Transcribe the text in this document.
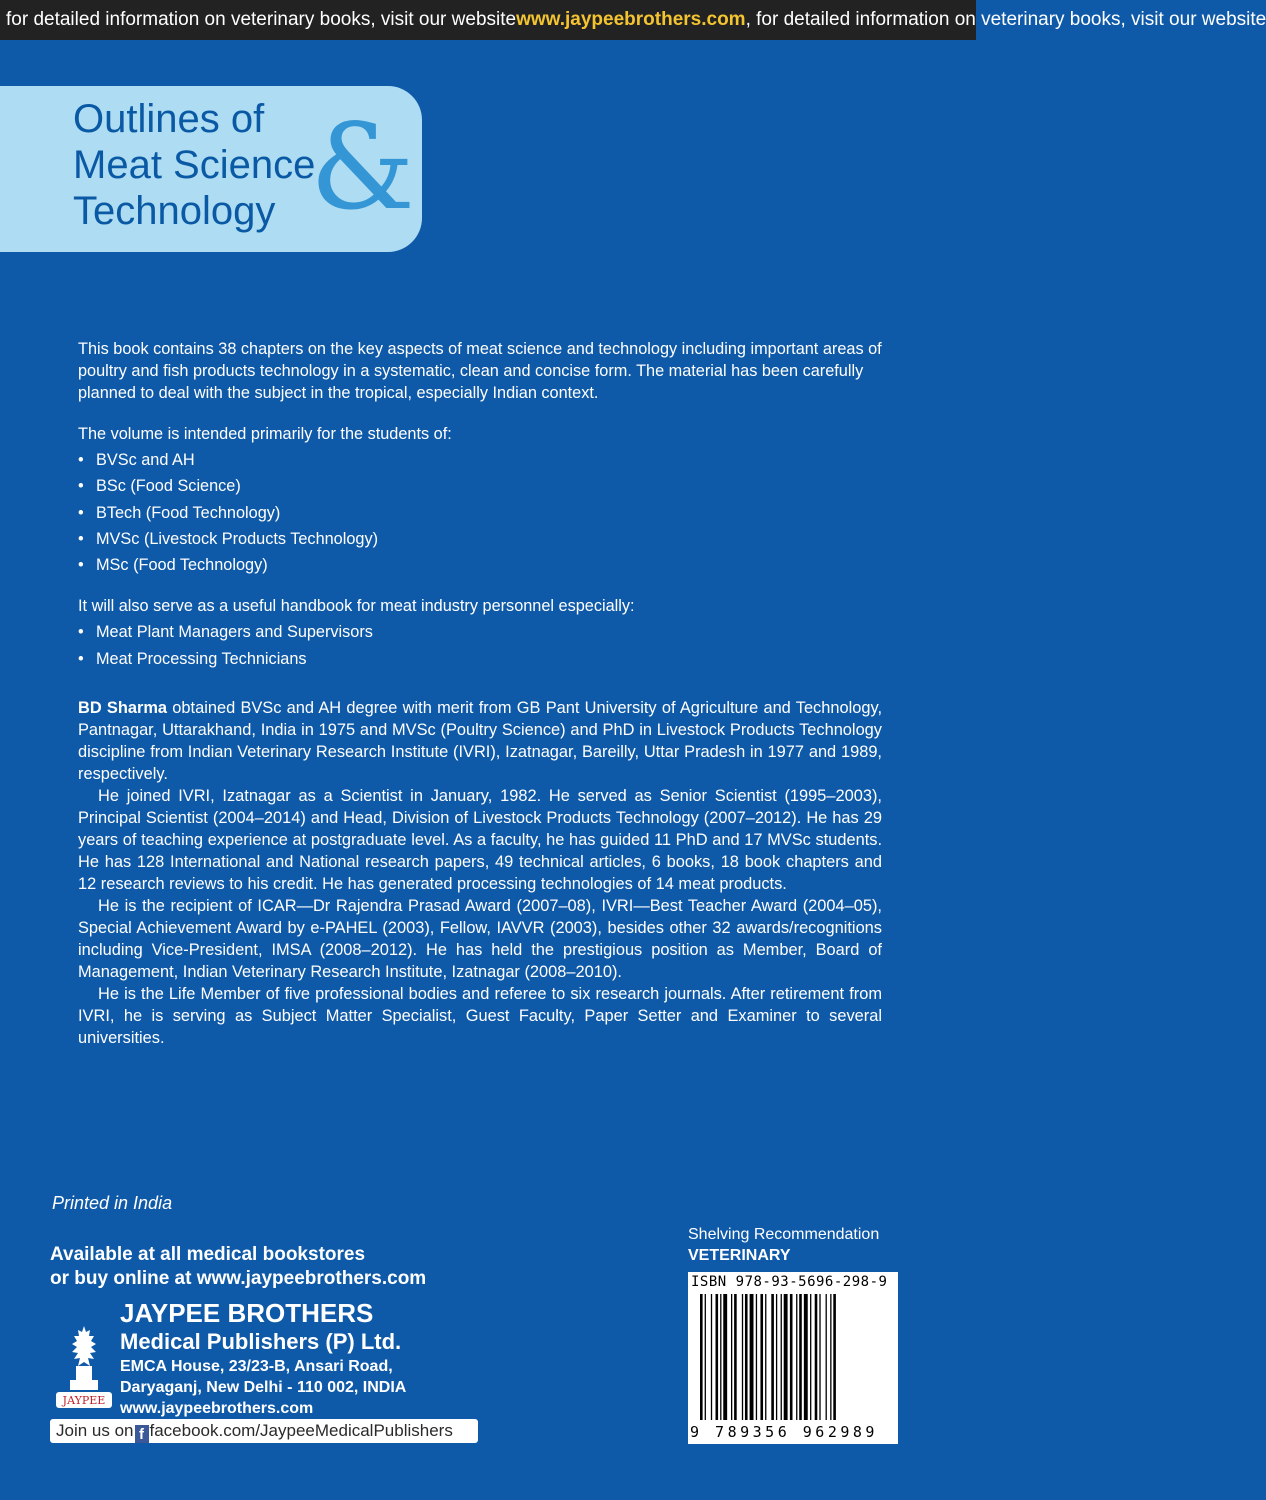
for detailed information on veterinary books, visit our websitewww.jaypeebrothers.com, for detailed information on veterinary books, visit our website
Outlines of
Meat Science
Technology &

This book contains 38 chapters on the key aspects of meat science and technology including important areas of poultry and fish products technology in a systematic, clean and concise form. The material has been carefully planned to deal with the subject in the tropical, especially Indian context.

The volume is intended primarily for the students of:
• BVSc and AH
• BSc (Food Science)
• BTech (Food Technology)
• MVSc (Livestock Products Technology)
• MSc (Food Technology)
It will also serve as a useful handbook for meat industry personnel especially:
• Meat Plant Managers and Supervisors
• Meat Processing Technicians

BD Sharma obtained BVSc and AH degree with merit from GB Pant University of Agriculture and Technology, Pantnagar, Uttarakhand, India in 1975 and MVSc (Poultry Science) and PhD in Livestock Products Technology discipline from Indian Veterinary Research Institute (IVRI), Izatnagar, Bareilly, Uttar Pradesh in 1977 and 1989, respectively.

He joined IVRI, Izatnagar as a Scientist in January, 1982. He served as Senior Scientist (1995–2003), Principal Scientist (2004–2014) and Head, Division of Livestock Products Technology (2007–2012). He has 29 years of teaching experience at postgraduate level. As a faculty, he has guided 11 PhD and 17 MVSc students. He has 128 International and National research papers, 49 technical articles, 6 books, 18 book chapters and 12 research reviews to his credit. He has generated processing technologies of 14 meat products.

He is the recipient of ICAR—Dr Rajendra Prasad Award (2007–08), IVRI—Best Teacher Award (2004–05), Special Achievement Award by e-PAHEL (2003), Fellow, IAVVR (2003), besides other 32 awards/recognitions including Vice-President, IMSA (2008–2012). He has held the prestigious position as Member, Board of Management, Indian Veterinary Research Institute, Izatnagar (2008–2010).

He is the Life Member of five professional bodies and referee to six research journals. After retirement from IVRI, he is serving as Subject Matter Specialist, Guest Faculty, Paper Setter and Examiner to several universities.

Printed in India
Available at all medical bookstores
or buy online at www.jaypeebrothers.com
JAYPEE
JAYPEE BROTHERS
Medical Publishers (P) Ltd.
EMCA House, 23/23-B, Ansari Road,
Daryaganj, New Delhi - 110 002, INDIA
www.jaypeebrothers.com
Join us on f facebook.com/JaypeeMedicalPublishers
Shelving Recommendation
VETERINARY
ISBN 978-93-5696-298-9
9 789356 962989
